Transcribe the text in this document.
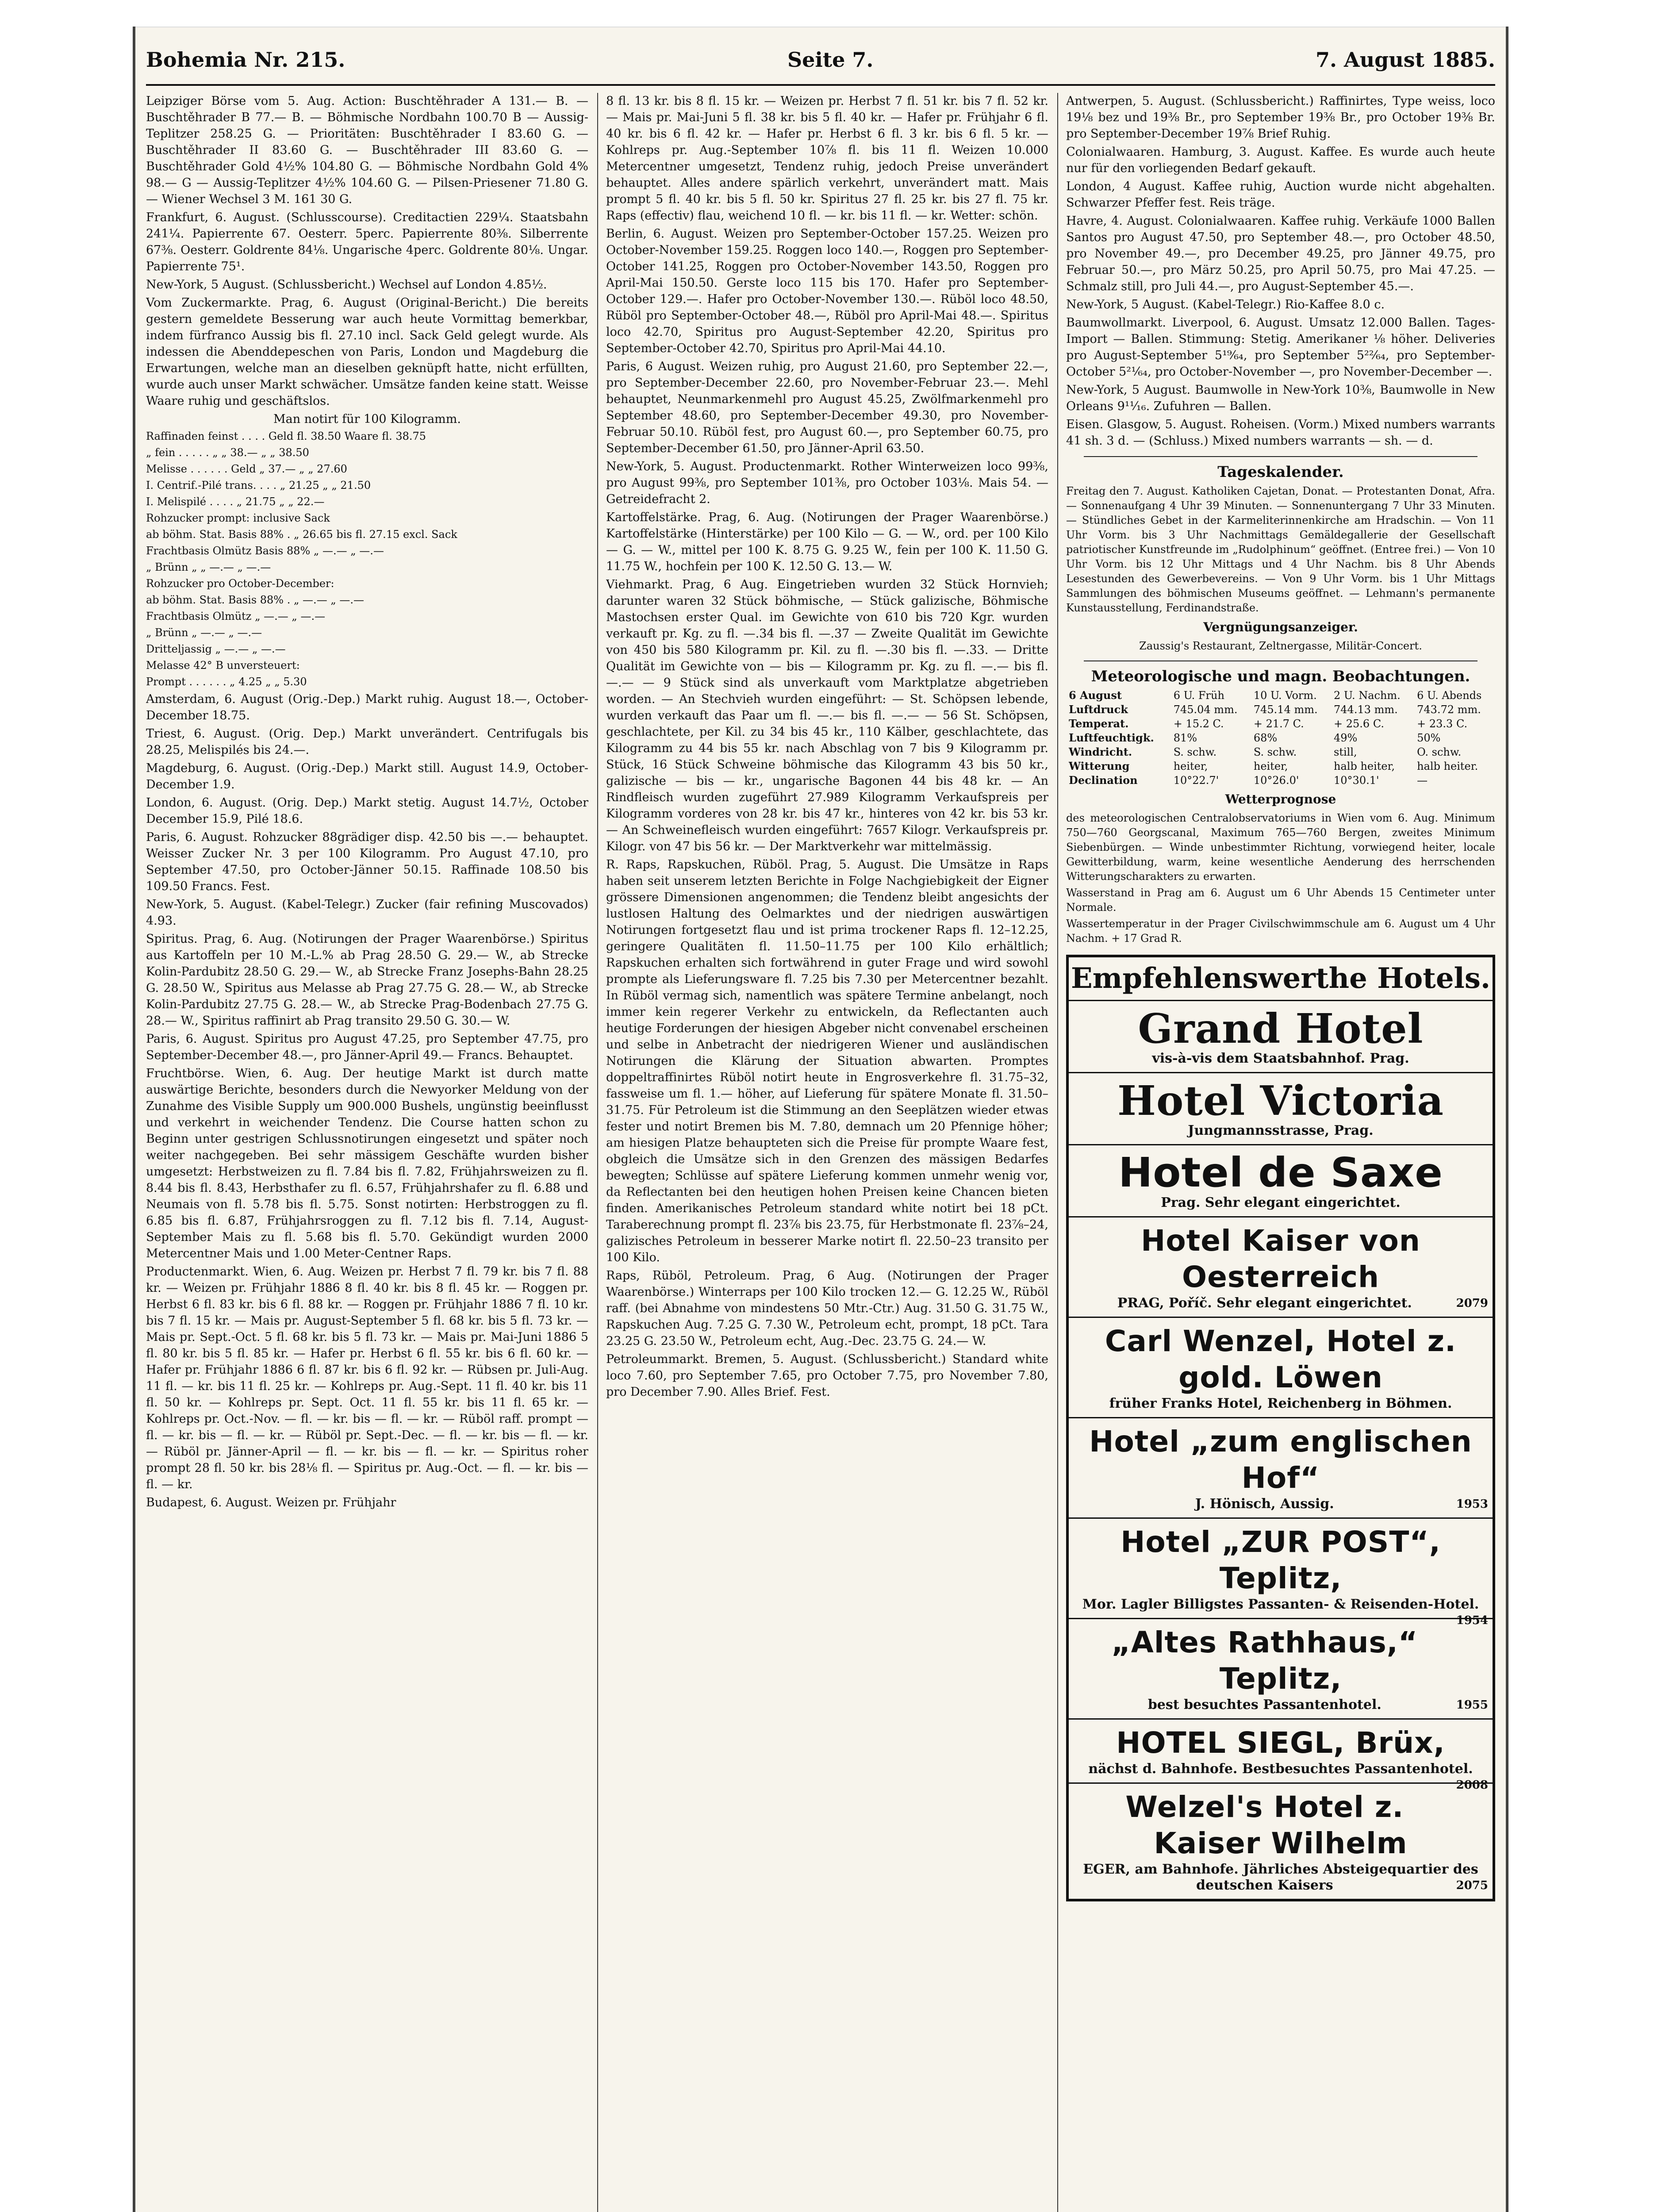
Bohemia Nr. 215.	Seite 7.	7. August 1885.

Leipziger Börse vom 5. Aug. Action: Buschtěhrader A 131.— B. — Buschtěhrader B 77.— B. — Böhmische Nordbahn 100.70 B — Aussig-Teplitzer 258.25 G. — Prioritäten: Buschtěhrader I 83.60 G. — Buschtěhrader II 83.60 G. — Buschtěhrader III 83.60 G. — Buschtěhrader Gold 4½% 104.80 G. — Böhmische Nordbahn Gold 4% 98.— G — Aussig-Teplitzer 4½% 104.60 G. — Pilsen-Priesener 71.80 G. — Wiener Wechsel 3 M. 161 30 G.

Frankfurt, 6. August. (Schlusscourse). Creditactien 229¼. Staatsbahn 241¼. Papierrente 67. Oesterr. 5perc. Papierrente 80⅜. Silberrente 67⅜. Oesterr. Goldrente 84⅛. Ungarische 4perc. Goldrente 80⅛. Ungar. Papierrente 75¹.

New-York, 5 August. (Schlussbericht.) Wechsel auf London 4.85½.

Vom Zuckermarkte. Prag, 6. August (Original-Bericht.) Die bereits gestern gemeldete Besserung war auch heute Vormittag bemerkbar, indem fürfranco Aussig bis fl. 27.10 incl. Sack Geld gelegt wurde. Als indessen die Abenddepeschen von Paris, London und Magdeburg die Erwartungen, welche man an dieselben geknüpft hatte, nicht erfüllten, wurde auch unser Markt schwächer. Umsätze fanden keine statt. Weisse Waare ruhig und geschäftslos.

Man notirt für 100 Kilogramm.

Raffinaden feinst . . . . Geld fl. 38.50 Waare fl. 38.75

„ fein . . . . . „ „ 38.— „ „ 38.50

Melisse . . . . . . Geld „ 37.— „ „ 27.60

I. Centrif.-Pilé trans. . . . „ 21.25 „ „ 21.50

I. Melispilé . . . . „ 21.75 „ „ 22.—

Rohzucker prompt: inclusive Sack

ab böhm. Stat. Basis 88% . „ 26.65 bis fl. 27.15 excl. Sack

Frachtbasis Olmütz Basis 88% „ —.— „ —.—

„ Brünn „ „ —.— „ —.—

Rohzucker pro October-December:

ab böhm. Stat. Basis 88% . „ —.— „ —.—

Frachtbasis Olmütz „ —.— „ —.—

„ Brünn „ —.— „ —.—

Dritteljassig „ —.— „ —.—

Melasse 42° B unversteuert:

Prompt . . . . . . „ 4.25 „ „ 5.30

Amsterdam, 6. August (Orig.-Dep.) Markt ruhig. August 18.—, October-December 18.75.

Triest, 6. August. (Orig. Dep.) Markt unverändert. Centrifugals bis 28.25, Melispilés bis 24.—.

Magdeburg, 6. August. (Orig.-Dep.) Markt still. August 14.9, October-December 1.9.

London, 6. August. (Orig. Dep.) Markt stetig. August 14.7½, October December 15.9, Pilé 18.6.

Paris, 6. August. Rohzucker 88grädiger disp. 42.50 bis —.— behauptet. Weisser Zucker Nr. 3 per 100 Kilogramm. Pro August 47.10, pro September 47.50, pro October-Jänner 50.15. Raffinade 108.50 bis 109.50 Francs. Fest.

New-York, 5. August. (Kabel-Telegr.) Zucker (fair refining Muscovados) 4.93.

Spiritus. Prag, 6. Aug. (Notirungen der Prager Waarenbörse.) Spiritus aus Kartoffeln per 10 M.-L.% ab Prag 28.50 G. 29.— W., ab Strecke Kolin-Pardubitz 28.50 G. 29.— W., ab Strecke Franz Josephs-Bahn 28.25 G. 28.50 W., Spiritus aus Melasse ab Prag 27.75 G. 28.— W., ab Strecke Kolin-Pardubitz 27.75 G. 28.— W., ab Strecke Prag-Bodenbach 27.75 G. 28.— W., Spiritus raffinirt ab Prag transito 29.50 G. 30.— W.

Paris, 6. August. Spiritus pro August 47.25, pro September 47.75, pro September-December 48.—, pro Jänner-April 49.— Francs. Behauptet.

Fruchtbörse. Wien, 6. Aug. Der heutige Markt ist durch matte auswärtige Berichte, besonders durch die Newyorker Meldung von der Zunahme des Visible Supply um 900.000 Bushels, ungünstig beeinflusst und verkehrt in weichender Tendenz. Die Course hatten schon zu Beginn unter gestrigen Schlussnotirungen eingesetzt und später noch weiter nachgegeben. Bei sehr mässigem Geschäfte wurden bisher umgesetzt: Herbstweizen zu fl. 7.84 bis fl. 7.82, Frühjahrsweizen zu fl. 8.44 bis fl. 8.43, Herbsthafer zu fl. 6.57, Frühjahrshafer zu fl. 6.88 und Neumais von fl. 5.78 bis fl. 5.75. Sonst notirten: Herbstroggen zu fl. 6.85 bis fl. 6.87, Frühjahrsroggen zu fl. 7.12 bis fl. 7.14, August-September Mais zu fl. 5.68 bis fl. 5.70. Gekündigt wurden 2000 Metercentner Mais und 1.00 Meter-Centner Raps.

Productenmarkt. Wien, 6. Aug. Weizen pr. Herbst 7 fl. 79 kr. bis 7 fl. 88 kr. — Weizen pr. Frühjahr 1886 8 fl. 40 kr. bis 8 fl. 45 kr. — Roggen pr. Herbst 6 fl. 83 kr. bis 6 fl. 88 kr. — Roggen pr. Frühjahr 1886 7 fl. 10 kr. bis 7 fl. 15 kr. — Mais pr. August-September 5 fl. 68 kr. bis 5 fl. 73 kr. — Mais pr. Sept.-Oct. 5 fl. 68 kr. bis 5 fl. 73 kr. — Mais pr. Mai-Juni 1886 5 fl. 80 kr. bis 5 fl. 85 kr. — Hafer pr. Herbst 6 fl. 55 kr. bis 6 fl. 60 kr. — Hafer pr. Frühjahr 1886 6 fl. 87 kr. bis 6 fl. 92 kr. — Rübsen pr. Juli-Aug. 11 fl. — kr. bis 11 fl. 25 kr. — Kohlreps pr. Aug.-Sept. 11 fl. 40 kr. bis 11 fl. 50 kr. — Kohlreps pr. Sept. Oct. 11 fl. 55 kr. bis 11 fl. 65 kr. — Kohlreps pr. Oct.-Nov. — fl. — kr. bis — fl. — kr. — Rüböl raff. prompt — fl. — kr. bis — fl. — kr. — Rüböl pr. Sept.-Dec. — fl. — kr. bis — fl. — kr. — Rüböl pr. Jänner-April — fl. — kr. bis — fl. — kr. — Spiritus roher prompt 28 fl. 50 kr. bis 28⅛ fl. — Spiritus pr. Aug.-Oct. — fl. — kr. bis — fl. — kr.

Budapest, 6. August. Weizen pr. Frühjahr

8 fl. 13 kr. bis 8 fl. 15 kr. — Weizen pr. Herbst 7 fl. 51 kr. bis 7 fl. 52 kr. — Mais pr. Mai-Juni 5 fl. 38 kr. bis 5 fl. 40 kr. — Hafer pr. Frühjahr 6 fl. 40 kr. bis 6 fl. 42 kr. — Hafer pr. Herbst 6 fl. 3 kr. bis 6 fl. 5 kr. — Kohlreps pr. Aug.-September 10⅞ fl. bis 11 fl. Weizen 10.000 Metercentner umgesetzt, Tendenz ruhig, jedoch Preise unverändert behauptet. Alles andere spärlich verkehrt, unverändert matt. Mais prompt 5 fl. 40 kr. bis 5 fl. 50 kr. Spiritus 27 fl. 25 kr. bis 27 fl. 75 kr. Raps (effectiv) flau, weichend 10 fl. — kr. bis 11 fl. — kr. Wetter: schön.

Berlin, 6. August. Weizen pro September-October 157.25. Weizen pro October-November 159.25. Roggen loco 140.—, Roggen pro September-October 141.25, Roggen pro October-November 143.50, Roggen pro April-Mai 150.50. Gerste loco 115 bis 170. Hafer pro September-October 129.—. Hafer pro October-November 130.—. Rüböl loco 48.50, Rüböl pro September-October 48.—, Rüböl pro April-Mai 48.—. Spiritus loco 42.70, Spiritus pro August-September 42.20, Spiritus pro September-October 42.70, Spiritus pro April-Mai 44.10.

Paris, 6 August. Weizen ruhig, pro August 21.60, pro September 22.—, pro September-December 22.60, pro November-Februar 23.—. Mehl behauptet, Neunmarkenmehl pro August 45.25, Zwölfmarkenmehl pro September 48.60, pro September-December 49.30, pro November-Februar 50.10. Rüböl fest, pro August 60.—, pro September 60.75, pro September-December 61.50, pro Jänner-April 63.50.

New-York, 5. August. Productenmarkt. Rother Winterweizen loco 99⅜, pro August 99⅜, pro September 101⅜, pro October 103⅛. Mais 54. — Getreidefracht 2.

Kartoffelstärke. Prag, 6. Aug. (Notirungen der Prager Waarenbörse.) Kartoffelstärke (Hinterstärke) per 100 Kilo — G. — W., ord. per 100 Kilo — G. — W., mittel per 100 K. 8.75 G. 9.25 W., fein per 100 K. 11.50 G. 11.75 W., hochfein per 100 K. 12.50 G. 13.— W.

Viehmarkt. Prag, 6 Aug. Eingetrieben wurden 32 Stück Hornvieh; darunter waren 32 Stück böhmische, — Stück galizische, Böhmische Mastochsen erster Qual. im Gewichte von 610 bis 720 Kgr. wurden verkauft pr. Kg. zu fl. —.34 bis fl. —.37 — Zweite Qualität im Gewichte von 450 bis 580 Kilogramm pr. Kil. zu fl. —.30 bis fl. —.33. — Dritte Qualität im Gewichte von — bis — Kilogramm pr. Kg. zu fl. —.— bis fl. —.— — 9 Stück sind als unverkauft vom Marktplatze abgetrieben worden. — An Stechvieh wurden eingeführt: — St. Schöpsen lebende, wurden verkauft das Paar um fl. —.— bis fl. —.— — 56 St. Schöpsen, geschlachtete, per Kil. zu 34 bis 45 kr., 110 Kälber, geschlachtete, das Kilogramm zu 44 bis 55 kr. nach Abschlag von 7 bis 9 Kilogramm pr. Stück, 16 Stück Schweine böhmische das Kilogramm 43 bis 50 kr., galizische — bis — kr., ungarische Bagonen 44 bis 48 kr. — An Rindfleisch wurden zugeführt 27.989 Kilogramm Verkaufspreis per Kilogramm vorderes von 28 kr. bis 47 kr., hinteres von 42 kr. bis 53 kr. — An Schweinefleisch wurden eingeführt: 7657 Kilogr. Verkaufspreis pr. Kilogr. von 47 bis 56 kr. — Der Marktverkehr war mittelmässig.

R. Raps, Rapskuchen, Rüböl. Prag, 5. August. Die Umsätze in Raps haben seit unserem letzten Berichte in Folge Nachgiebigkeit der Eigner grössere Dimensionen angenommen; die Tendenz bleibt angesichts der lustlosen Haltung des Oelmarktes und der niedrigen auswärtigen Notirungen fortgesetzt flau und ist prima trockener Raps fl. 12–12.25, geringere Qualitäten fl. 11.50–11.75 per 100 Kilo erhältlich; Rapskuchen erhalten sich fortwährend in guter Frage und wird sowohl prompte als Lieferungsware fl. 7.25 bis 7.30 per Metercentner bezahlt. In Rüböl vermag sich, namentlich was spätere Termine anbelangt, noch immer kein regerer Verkehr zu entwickeln, da Reflectanten auch heutige Forderungen der hiesigen Abgeber nicht convenabel erscheinen und selbe in Anbetracht der niedrigeren Wiener und ausländischen Notirungen die Klärung der Situation abwarten. Promptes doppeltraffinirtes Rüböl notirt heute in Engrosverkehre fl. 31.75–32, fassweise um fl. 1.— höher, auf Lieferung für spätere Monate fl. 31.50–31.75. Für Petroleum ist die Stimmung an den Seeplätzen wieder etwas fester und notirt Bremen bis M. 7.80, demnach um 20 Pfennige höher; am hiesigen Platze behaupteten sich die Preise für prompte Waare fest, obgleich die Umsätze sich in den Grenzen des mässigen Bedarfes bewegten; Schlüsse auf spätere Lieferung kommen unmehr wenig vor, da Reflectanten bei den heutigen hohen Preisen keine Chancen bieten finden. Amerikanisches Petroleum standard white notirt bei 18 pCt. Taraberechnung prompt fl. 23⅞ bis 23.75, für Herbstmonate fl. 23⅞–24, galizisches Petroleum in besserer Marke notirt fl. 22.50–23 transito per 100 Kilo.

Raps, Rüböl, Petroleum. Prag, 6 Aug. (Notirungen der Prager Waarenbörse.) Winterraps per 100 Kilo trocken 12.— G. 12.25 W., Rüböl raff. (bei Abnahme von mindestens 50 Mtr.-Ctr.) Aug. 31.50 G. 31.75 W., Rapskuchen Aug. 7.25 G. 7.30 W., Petroleum echt, prompt, 18 pCt. Tara 23.25 G. 23.50 W., Petroleum echt, Aug.-Dec. 23.75 G. 24.— W.

Petroleummarkt. Bremen, 5. August. (Schlussbericht.) Standard white loco 7.60, pro September 7.65, pro October 7.75, pro November 7.80, pro December 7.90. Alles Brief. Fest.

Antwerpen, 5. August. (Schlussbericht.) Raffinirtes, Type weiss, loco 19⅛ bez und 19⅜ Br., pro September 19⅜ Br., pro October 19⅜ Br. pro September-December 19⅞ Brief Ruhig.

Colonialwaaren. Hamburg, 3. August. Kaffee. Es wurde auch heute nur für den vorliegenden Bedarf gekauft.

London, 4 August. Kaffee ruhig, Auction wurde nicht abgehalten. Schwarzer Pfeffer fest. Reis träge.

Havre, 4. August. Colonialwaaren. Kaffee ruhig. Verkäufe 1000 Ballen Santos pro August 47.50, pro September 48.—, pro October 48.50, pro November 49.—, pro December 49.25, pro Jänner 49.75, pro Februar 50.—, pro März 50.25, pro April 50.75, pro Mai 47.25. — Schmalz still, pro Juli 44.—, pro August-September 45.—.

New-York, 5 August. (Kabel-Telegr.) Rio-Kaffee 8.0 c.

Baumwollmarkt. Liverpool, 6. August. Umsatz 12.000 Ballen. Tages-Import — Ballen. Stimmung: Stetig. Amerikaner ⅛ höher. Deliveries pro August-September 5¹⁹⁄₆₄, pro September 5²²⁄₆₄, pro September-October 5²¹⁄₆₄, pro October-November —, pro November-December —.

New-York, 5 August. Baumwolle in New-York 10⅜, Baumwolle in New Orleans 9¹¹⁄₁₆. Zufuhren — Ballen.

Eisen. Glasgow, 5. August. Roheisen. (Vorm.) Mixed numbers warrants 41 sh. 3 d. — (Schluss.) Mixed numbers warrants — sh. — d.

Tageskalender.

Freitag den 7. August. Katholiken Cajetan, Donat. — Protestanten Donat, Afra. — Sonnenaufgang 4 Uhr 39 Minuten. — Sonnenuntergang 7 Uhr 33 Minuten. — Stündliches Gebet in der Karmeliterinnenkirche am Hradschin. — Von 11 Uhr Vorm. bis 3 Uhr Nachmittags Gemäldegallerie der Gesellschaft patriotischer Kunstfreunde im „Rudolphinum“ geöffnet. (Entree frei.) — Von 10 Uhr Vorm. bis 12 Uhr Mittags und 4 Uhr Nachm. bis 8 Uhr Abends Lesestunden des Gewerbevereins. — Von 9 Uhr Vorm. bis 1 Uhr Mittags Sammlungen des böhmischen Museums geöffnet. — Lehmann's permanente Kunstausstellung, Ferdinandstraße.

Vergnügungsanzeiger.

Zaussig's Restaurant, Zeltnergasse, Militär-Concert.

Meteorologische und magn. Beobachtungen.
6 August	6 U. Früh	10 U. Vorm.	2 U. Nachm.	6 U. Abends
Luftdruck	745.04 mm.	745.14 mm.	744.13 mm.	743.72 mm.
Temperat.	+ 15.2 C.	+ 21.7 C.	+ 25.6 C.	+ 23.3 C.
Luftfeuchtigk.	81%	68%	49%	50%
Windricht.	S. schw.	S. schw.	still,	O. schw.
Witterung	heiter,	heiter,	halb heiter,	halb heiter.
Declination	10°22.7'	10°26.0'	10°30.1'	—
Wetterprognose

des meteorologischen Centralobservatoriums in Wien vom 6. Aug. Minimum 750—760 Georgscanal, Maximum 765—760 Bergen, zweites Minimum Siebenbürgen. — Winde unbestimmter Richtung, vorwiegend heiter, locale Gewitterbildung, warm, keine wesentliche Aenderung des herrschenden Witterungscharakters zu erwarten.

Wasserstand in Prag am 6. August um 6 Uhr Abends 15 Centimeter unter Normale.

Wassertemperatur in der Prager Civilschwimmschule am 6. August um 4 Uhr Nachm. + 17 Grad R.

Empfehlenswerthe Hotels.
Grand Hotel
vis-à-vis dem Staatsbahnhof. Prag.
Hotel Victoria
Jungmannsstrasse, Prag.
Hotel de Saxe
Prag. Sehr elegant eingerichtet.
Hotel Kaiser von Oesterreich
PRAG, Poříč. Sehr elegant eingerichtet.	2079
Carl Wenzel, Hotel z. gold. Löwen
früher Franks Hotel, Reichenberg in Böhmen.
Hotel „zum englischen Hof“
J. Hönisch, Aussig.	1953
Hotel „ZUR POST“, Teplitz,
Mor. Lagler Billigstes Passanten- & Reisenden-Hotel.
1954
„Altes Rathhaus,“ Teplitz,
best besuchtes Passantenhotel.	1955
HOTEL SIEGL, Brüx,
nächst d. Bahnhofe. Bestbesuchtes Passantenhotel.
2008
Welzel's Hotel z. Kaiser Wilhelm
EGER, am Bahnhofe. Jährliches Absteigequartier des deutschen Kaisers	2075
